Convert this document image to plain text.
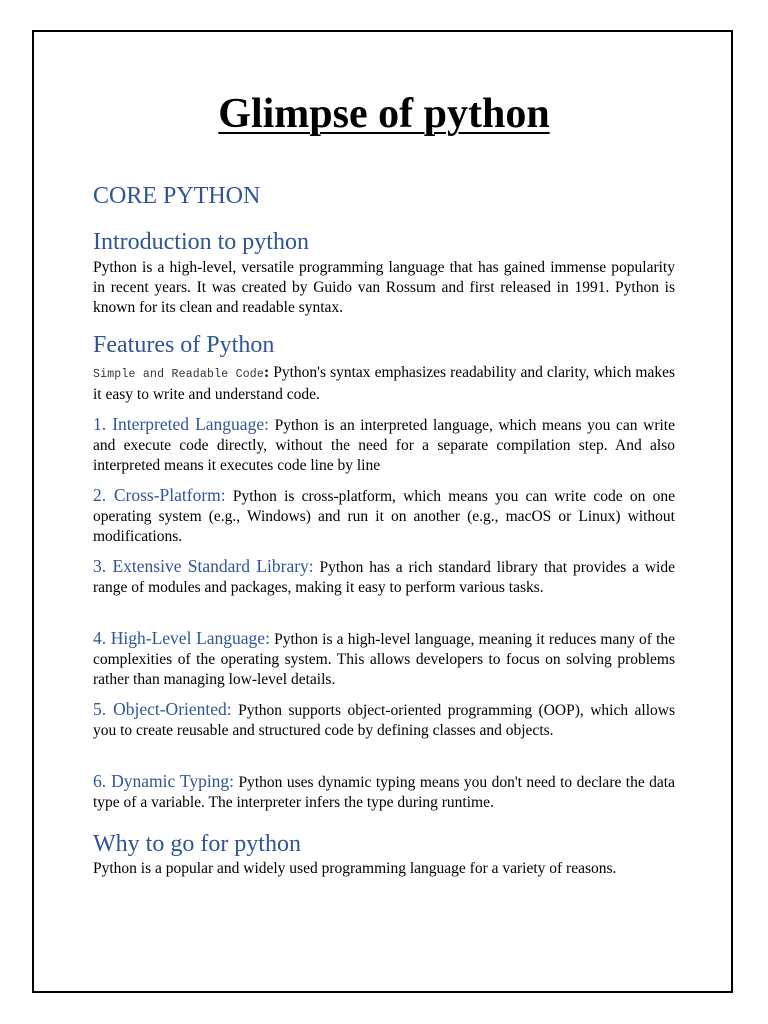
Glimpse of python
CORE PYTHON
Introduction to python

Python is a high-level, versatile programming language that has gained immense popularity in recent years. It was created by Guido van Rossum and first released in 1991. Python is known for its clean and readable syntax.

Features of Python

Simple and Readable Code: Python's syntax emphasizes readability and clarity, which makes it easy to write and understand code.

1. Interpreted Language: Python is an interpreted language, which means you can write and execute code directly, without the need for a separate compilation step. And also interpreted means it executes code line by line

2. Cross-Platform: Python is cross-platform, which means you can write code on one operating system (e.g., Windows) and run it on another (e.g., macOS or Linux) without modifications.

3. Extensive Standard Library: Python has a rich standard library that provides a wide range of modules and packages, making it easy to perform various tasks.

4. High-Level Language: Python is a high-level language, meaning it reduces many of the complexities of the operating system. This allows developers to focus on solving problems rather than managing low-level details.

5. Object-Oriented: Python supports object-oriented programming (OOP), which allows you to create reusable and structured code by defining classes and objects.

6. Dynamic Typing: Python uses dynamic typing means you don't need to declare the data type of a variable. The interpreter infers the type during runtime.

Why to go for python

Python is a popular and widely used programming language for a variety of reasons.
